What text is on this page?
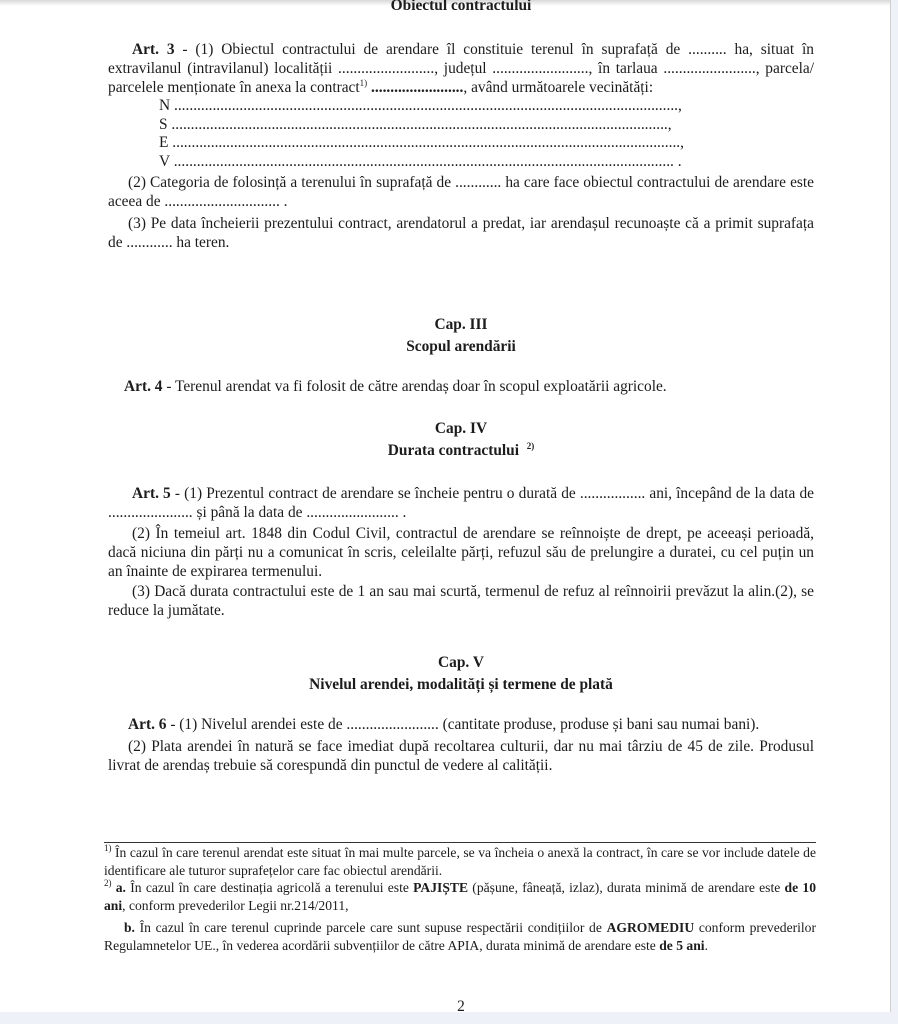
Obiectul contractului

Art. 3 - (1) Obiectul contractului de arendare îl constituie terenul în suprafață de .......... ha, situat în extravilanul (intravilanul) localității ........................., județul ........................., în tarlaua ........................, parcela/ parcelele menționate în anexa la contract$^{1)}$ ........................, având următoarele vecinătăți:

N ...................................................................................................................................,
S .................................................................................................................................,
E ....................................................................................................................................,
V .................................................................................................................................. .

(2) Categoria de folosință a terenului în suprafață de ............ ha care face obiectul contractului de arendare este aceea de .............................. .

(3) Pe data încheierii prezentului contract, arendatorul a predat, iar arendașul recunoaște că a primit suprafața de ............ ha teren.

Cap. III
Scopul arendării

Art. 4 - Terenul arendat va fi folosit de către arendaș doar în scopul exploatării agricole.

Cap. IV
Durata contractului $^{2)}$

Art. 5 - (1) Prezentul contract de arendare se încheie pentru o durată de ................. ani, începând de la data de ...................... și până la data de ........................ .

(2) În temeiul art. 1848 din Codul Civil, contractul de arendare se reînnoiște de drept, pe aceeași perioadă, dacă niciuna din părți nu a comunicat în scris, celeilalte părți, refuzul său de prelungire a duratei, cu cel puțin un an înainte de expirarea termenului.

(3) Dacă durata contractului este de 1 an sau mai scurtă, termenul de refuz al reînnoirii prevăzut la alin.(2), se reduce la jumătate.

Cap. V
Nivelul arendei, modalități și termene de plată

Art. 6 - (1) Nivelul arendei este de ........................ (cantitate produse, produse și bani sau numai bani).

(2) Plata arendei în natură se face imediat după recoltarea culturii, dar nu mai târziu de 45 de zile. Produsul livrat de arendaș trebuie să corespundă din punctul de vedere al calității.

$^{1)}$ În cazul în care terenul arendat este situat în mai multe parcele, se va încheia o anexă la contract, în care se vor include datele de identificare ale tuturor suprafețelor care fac obiectul arendării.

$^{2)}$ a. În cazul în care destinația agricolă a terenului este PAJIȘTE (pășune, fâneață, izlaz), durata minimă de arendare este de 10 ani, conform prevederilor Legii nr.214/2011,

b. În cazul în care terenul cuprinde parcele care sunt supuse respectării condițiilor de AGROMEDIU conform prevederilor Regulamnetelor UE., în vederea acordării subvențiilor de către APIA, durata minimă de arendare este de 5 ani.

2
